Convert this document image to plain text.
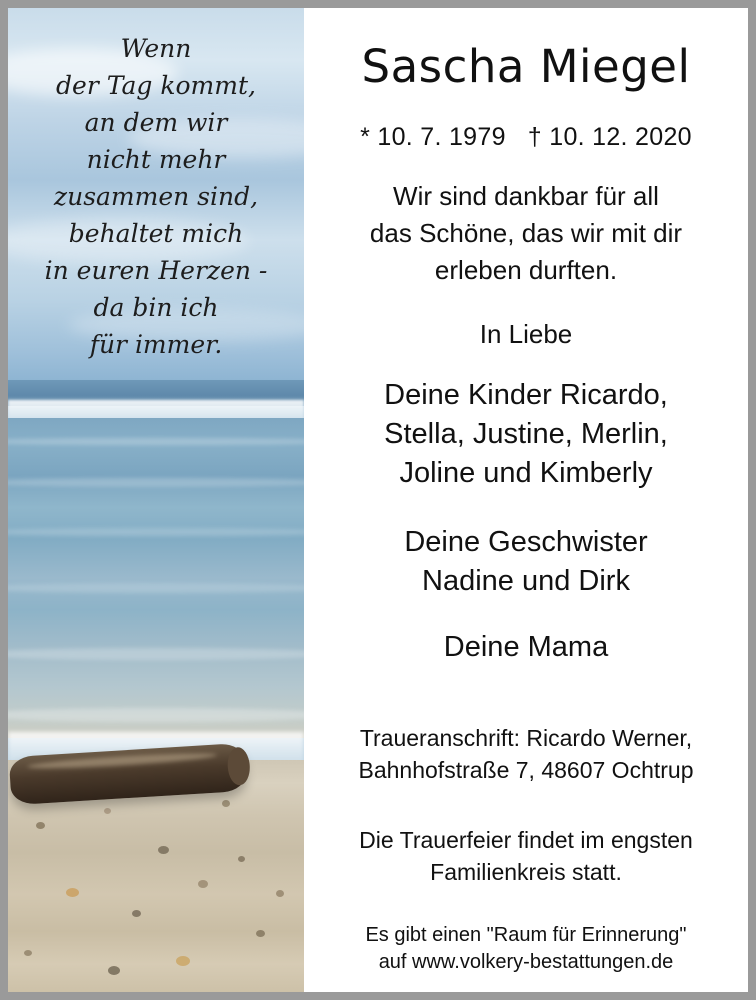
Wenn
der Tag kommt,
an dem wir
nicht mehr
zusammen sind,
behaltet mich
in euren Herzen -
da bin ich
für immer.
Sascha Miegel
* 10. 7. 1979 † 10. 12. 2020
Wir sind dankbar für all
das Schöne, das wir mit dir
erleben durften.
In Liebe
Deine Kinder Ricardo,
Stella, Justine, Merlin,
Joline und Kimberly
Deine Geschwister
Nadine und Dirk
Deine Mama
Traueranschrift: Ricardo Werner,
Bahnhofstraße 7, 48607 Ochtrup
Die Trauerfeier findet im engsten
Familienkreis statt.
Es gibt einen "Raum für Erinnerung"
auf www.volkery-bestattungen.de
